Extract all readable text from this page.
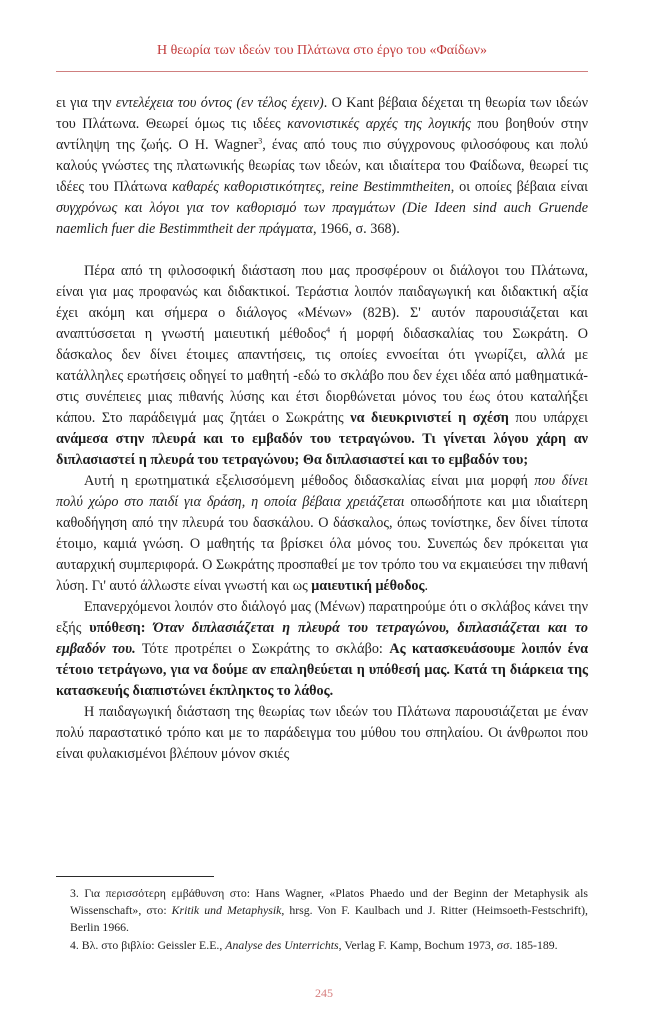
Η θεωρία των ιδεών του Πλάτωνα στο έργο του «Φαίδων»

ει για την εντελέχεια του όντος (εν τέλος έχειν). Ο Kant βέβαια δέχεται τη θεωρία των ιδεών του Πλάτωνα. Θεωρεί όμως τις ιδέες κανονιστικές αρχές της λογικής που βοηθούν στην αντίληψη της ζωής. Ο H. Wagner$^3$, ένας από τους πιο σύγχρονους φιλοσόφους και πολύ καλούς γνώστες της πλατωνικής θεωρίας των ιδεών, και ιδιαίτερα του Φαίδωνα, θεωρεί τις ιδέες του Πλάτωνα καθαρές καθοριστικότητες, reine Bestimmtheiten, οι οποίες βέβαια είναι συγχρόνως και λόγοι για τον καθορισμό των πραγμάτων (Die Ideen sind auch Gruende naemlich fuer die Bestimmtheit der πράγματα, 1966, σ. 368).

Πέρα από τη φιλοσοφική διάσταση που μας προσφέρουν οι διάλογοι του Πλάτωνα, είναι για μας προφανώς και διδακτικοί. Τεράστια λοιπόν παιδαγωγική και διδακτική αξία έχει ακόμη και σήμερα ο διάλογος «Μένων» (82Β). Σ' αυτόν παρουσιάζεται και αναπτύσσεται η γνωστή μαιευτική μέθοδος$^4$ ή μορφή διδασκαλίας του Σωκράτη. Ο δάσκαλος δεν δίνει έτοιμες απαντήσεις, τις οποίες εννοείται ότι γνωρίζει, αλλά με κατάλληλες ερωτήσεις οδηγεί το μαθητή -εδώ το σκλάβο που δεν έχει ιδέα από μαθηματικά- στις συνέπειες μιας πιθανής λύσης και έτσι διορθώνεται μόνος του έως ότου καταλήξει κάπου. Στο παράδειγμά μας ζητάει ο Σωκράτης να διευκρινιστεί η σχέση που υπάρχει ανάμεσα στην πλευρά και το εμβαδόν του τετραγώνου. Τι γίνεται λόγου χάρη αν διπλασιαστεί η πλευρά του τετραγώνου; Θα διπλασιαστεί και το εμβαδόν του;

Αυτή η ερωτηματικά εξελισσόμενη μέθοδος διδασκαλίας είναι μια μορφή που δίνει πολύ χώρο στο παιδί για δράση, η οποία βέβαια χρειάζεται οπωσδήποτε και μια ιδιαίτερη καθοδήγηση από την πλευρά του δασκάλου. Ο δάσκαλος, όπως τονίστηκε, δεν δίνει τίποτα έτοιμο, καμιά γνώση. Ο μαθητής τα βρίσκει όλα μόνος του. Συνεπώς δεν πρόκειται για αυταρχική συμπεριφορά. Ο Σωκράτης προσπαθεί με τον τρόπο του να εκμαιεύσει την πιθανή λύση. Γι' αυτό άλλωστε είναι γνωστή και ως μαιευτική μέθοδος.

Επανερχόμενοι λοιπόν στο διάλογό μας (Μένων) παρατηρούμε ότι ο σκλάβος κάνει την εξής υπόθεση: Όταν διπλασιάζεται η πλευρά του τετραγώνου, διπλασιάζεται και το εμβαδόν του. Τότε προτρέπει ο Σωκράτης το σκλάβο: Ας κατασκευάσουμε λοιπόν ένα τέτοιο τετράγωνο, για να δούμε αν επαληθεύεται η υπόθεσή μας. Κατά τη διάρκεια της κατασκευής διαπιστώνει έκπληκτος το λάθος.

Η παιδαγωγική διάσταση της θεωρίας των ιδεών του Πλάτωνα παρουσιάζεται με έναν πολύ παραστατικό τρόπο και με το παράδειγμα του μύθου του σπηλαίου. Οι άνθρωποι που είναι φυλακισμένοι βλέπουν μόνον σκιές

3. Για περισσότερη εμβάθυνση στο: Hans Wagner, «Platos Phaedo und der Beginn der Metaphysik als Wissenschaft», στο: Kritik und Metaphysik, hrsg. Von F. Kaulbach und J. Ritter (Heimsoeth-Festschrift), Berlin 1966.

4. Βλ. στο βιβλίο: Geissler E.E., Analyse des Unterrichts, Verlag F. Kamp, Bochum 1973, σσ. 185-189.

245
